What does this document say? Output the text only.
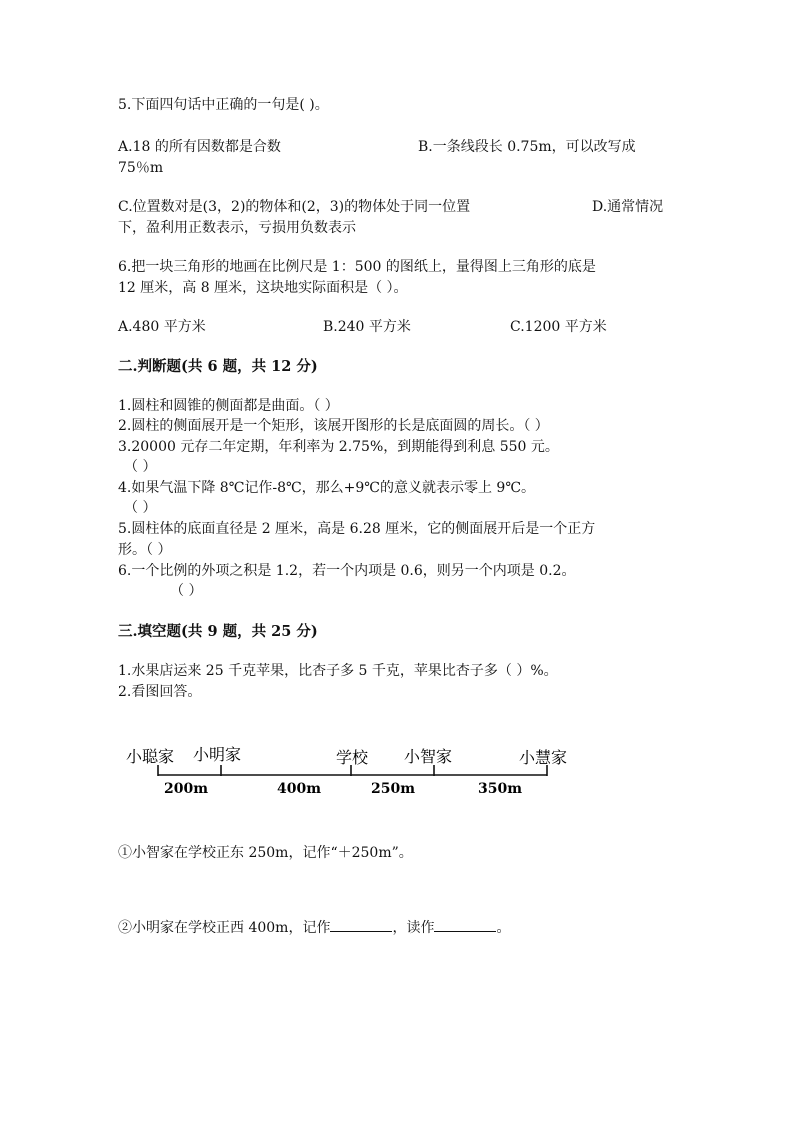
5.下面四句话中正确的一句是( )。
A.18 的所有因数都是合数	B.一条线段长 0.75m，可以改写成
75％m
C.位置数对是(3，2)的物体和(2，3)的物体处于同一位置	D.通常情况
下，盈利用正数表示，亏损用负数表示
6.把一块三角形的地画在比例尺是 1：500 的图纸上，量得图上三角形的底是
12 厘米，高 8 厘米，这块地实际面积是（ ）。
A.480 平方米	B.240 平方米	C.1200 平方米
二.判断题(共 6 题，共 12 分)
1.圆柱和圆锥的侧面都是曲面。（ ）
2.圆柱的侧面展开是一个矩形，该展开图形的长是底面圆的周长。（ ）
3.20000 元存二年定期，年利率为 2.75%，到期能得到利息 550 元。
（ ）
4.如果气温下降 8℃记作-8℃，那么+9℃的意义就表示零上 9℃。
（ ）
5.圆柱体的底面直径是 2 厘米，高是 6.28 厘米，它的侧面展开后是一个正方
形。（ ）
6.一个比例的外项之积是 1.2，若一个内项是 0.6，则另一个内项是 0.2。
（ ）
三.填空题(共 9 题，共 25 分)
1.水果店运来 25 千克苹果，比杏子多 5 千克，苹果比杏子多（ ）%。
2.看图回答。
小聪家 小明家	学校 小智家	小慧家
200m	400m	250m	350m
①小智家在学校正东 250m，记作“＋250m”。
②小明家在学校正西 400m，记作	，读作	。
